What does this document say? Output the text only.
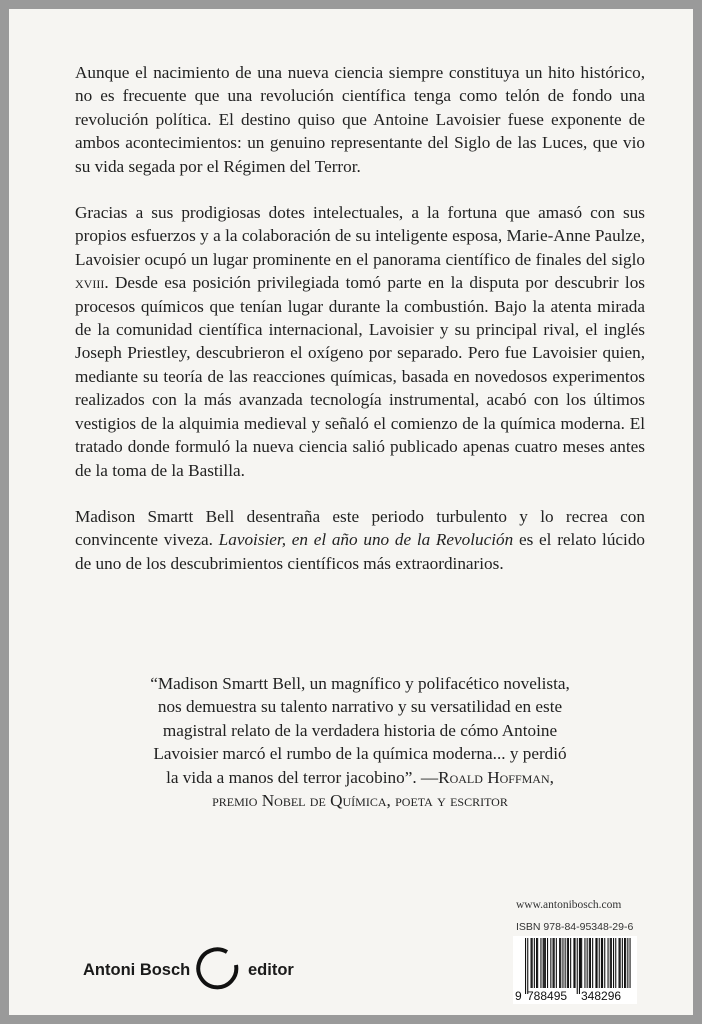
Aunque el nacimiento de una nueva ciencia siempre constituya un hito histórico, no es frecuente que una revolución científica tenga como telón de fondo una revolución política. El destino quiso que Antoine Lavoisier fuese exponente de ambos acontecimientos: un genuino representante del Siglo de las Luces, que vio su vida segada por el Régimen del Terror.

Gracias a sus prodigiosas dotes intelectuales, a la fortuna que amasó con sus propios esfuerzos y a la colaboración de su inteligente esposa, Marie-Anne Paulze, Lavoisier ocupó un lugar prominente en el panorama científico de finales del siglo xviii. Desde esa posición privilegiada tomó parte en la disputa por descubrir los procesos químicos que tenían lugar durante la combustión. Bajo la atenta mirada de la comunidad científica internacional, Lavoisier y su principal rival, el inglés Joseph Priestley, descubrieron el oxígeno por separado. Pero fue Lavoisier quien, mediante su teoría de las reacciones químicas, basada en novedosos experimentos realizados con la más avanzada tecnología instrumental, acabó con los últimos vestigios de la alquimia medieval y señaló el comienzo de la química moderna. El tratado donde formuló la nueva ciencia salió publicado apenas cuatro meses antes de la toma de la Bastilla.

Madison Smartt Bell desentraña este periodo turbulento y lo recrea con convincente viveza. Lavoisier, en el año uno de la Revolución es el relato lúcido de uno de los descubrimientos científicos más extraordinarios.

“Madison Smartt Bell, un magnífico y polifacético novelista,

nos demuestra su talento narrativo y su versatilidad en este

magistral relato de la verdadera historia de cómo Antoine

Lavoisier marcó el rumbo de la química moderna... y perdió

la vida a manos del terror jacobino”. —Roald Hoffman,

premio Nobel de Química, poeta y escritor

www.antonibosch.com
ISBN 978-84-95348-29-6
9 788495 348296
Antoni Bosch	editor
